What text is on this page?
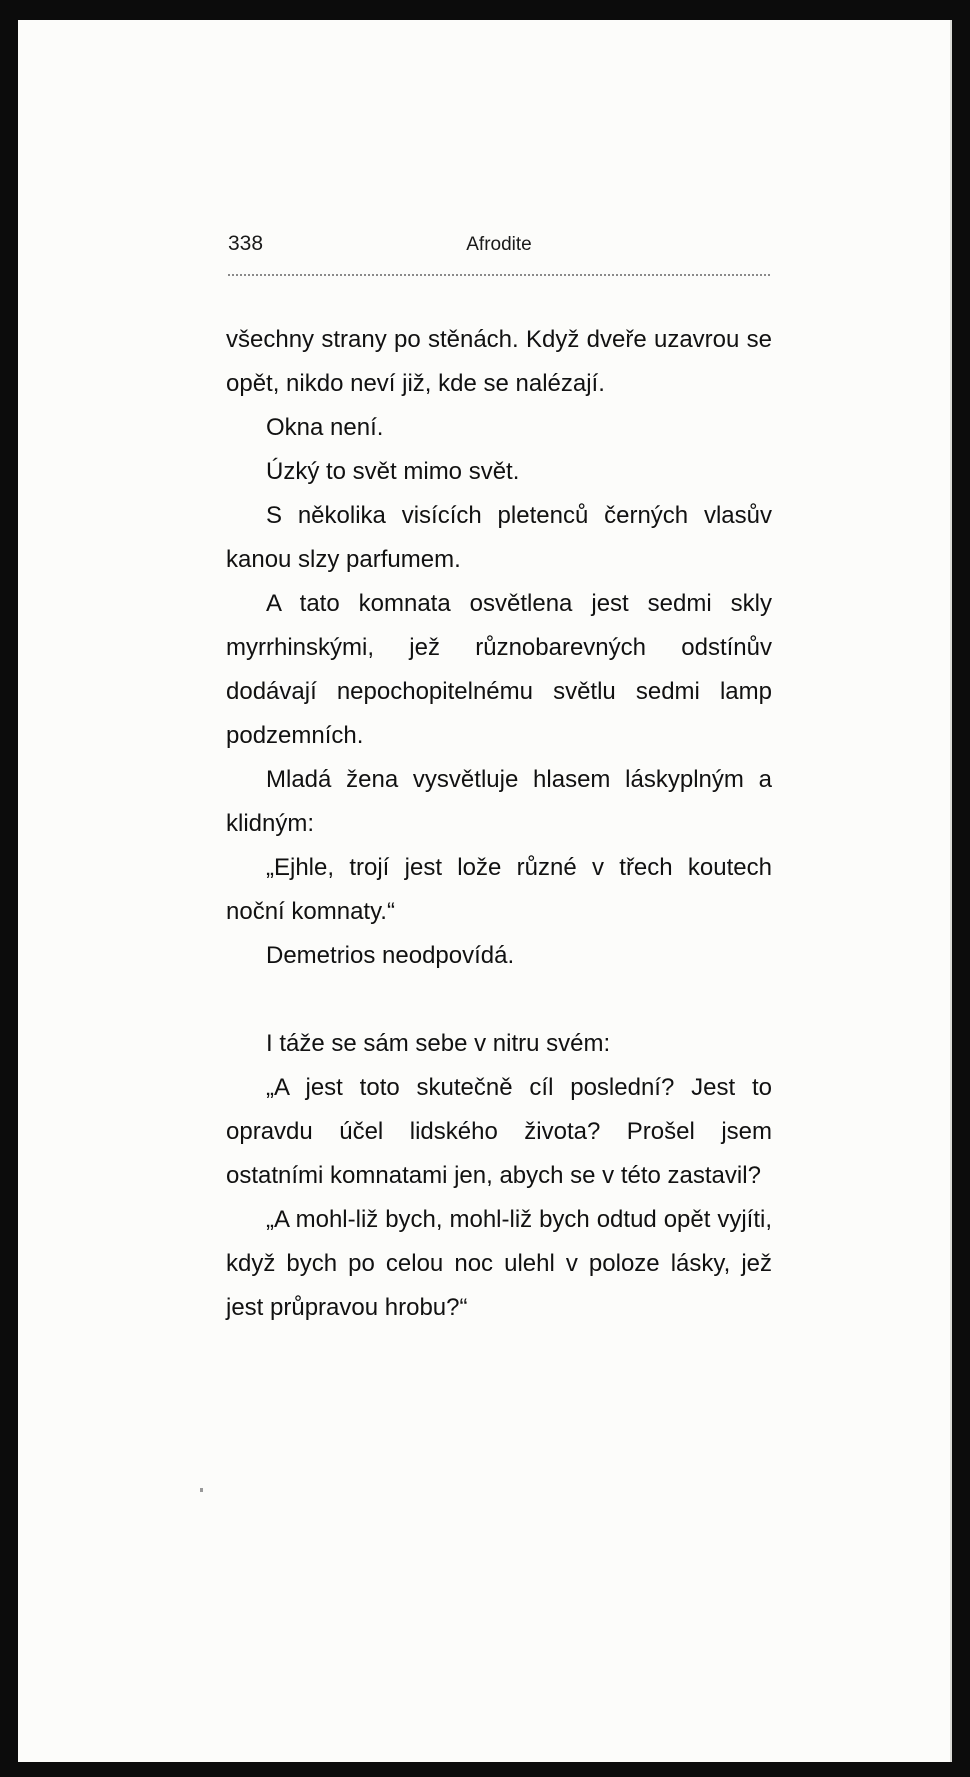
338	Afrodite

všechny strany po stěnách. Když dveře uzavrou se opět, nikdo neví již, kde se nalézají.

Okna není.

Úzký to svět mimo svět.

S několika visících pletenců černých vlasův kanou slzy parfumem.

A tato komnata osvětlena jest sedmi skly myrrhinskými, jež různobarevných odstínův dodávají nepochopitelnému světlu sedmi lamp podzemních.

Mladá žena vysvětluje hlasem láskyplným a klidným:

„Ejhle, trojí jest lože různé v třech koutech noční komnaty.“

Demetrios neodpovídá.

I táže se sám sebe v nitru svém:

„A jest toto skutečně cíl poslední? Jest to opravdu účel lidského života? Prošel jsem ostatními komnatami jen, abych se v této zastavil?

„A mohl-liž bych, mohl-liž bych odtud opět vyjíti, když bych po celou noc ulehl v poloze lásky, jež jest průpravou hrobu?“
